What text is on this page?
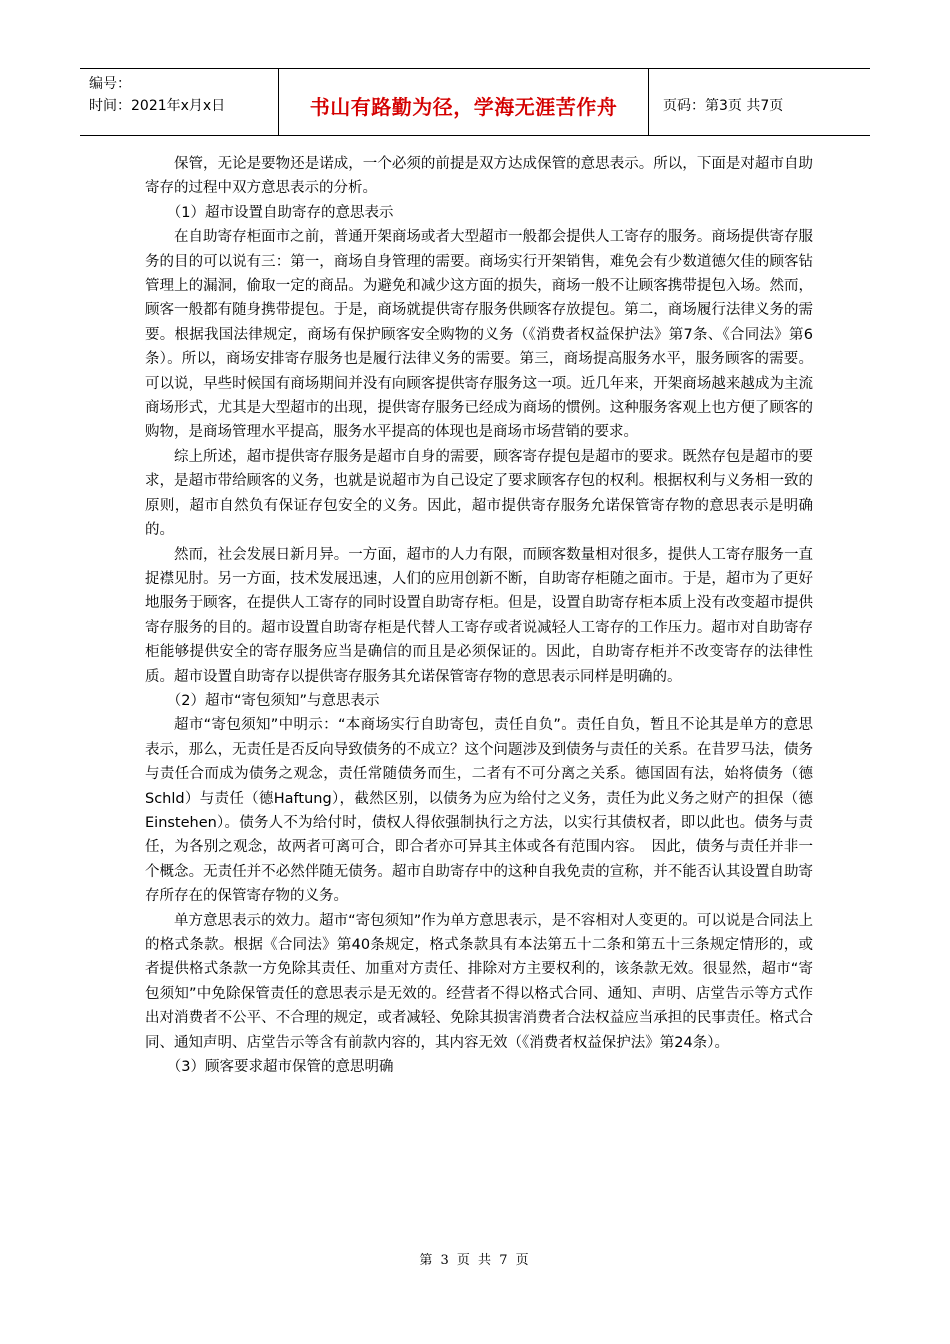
编号：
时间：2021年x月x日	书山有路勤为径，学海无涯苦作舟	页码：第3页 共7页

保管，无论是要物还是诺成，一个必须的前提是双方达成保管的意思表示。所以，下面是对超市自助寄存的过程中双方意思表示的分析。

（1）超市设置自助寄存的意思表示

在自助寄存柜面市之前，普通开架商场或者大型超市一般都会提供人工寄存的服务。商场提供寄存服务的目的可以说有三：第一，商场自身管理的需要。商场实行开架销售，难免会有少数道德欠佳的顾客钻管理上的漏洞，偷取一定的商品。为避免和减少这方面的损失，商场一般不让顾客携带提包入场。然而，顾客一般都有随身携带提包。于是，商场就提供寄存服务供顾客存放提包。第二，商场履行法律义务的需要。根据我国法律规定，商场有保护顾客安全购物的义务（《消费者权益保护法》第7条、《合同法》第6条）。所以，商场安排寄存服务也是履行法律义务的需要。第三，商场提高服务水平，服务顾客的需要。可以说，早些时候国有商场期间并没有向顾客提供寄存服务这一项。近几年来，开架商场越来越成为主流商场形式，尤其是大型超市的出现，提供寄存服务已经成为商场的惯例。这种服务客观上也方便了顾客的购物，是商场管理水平提高，服务水平提高的体现也是商场市场营销的要求。

综上所述，超市提供寄存服务是超市自身的需要，顾客寄存提包是超市的要求。既然存包是超市的要求，是超市带给顾客的义务，也就是说超市为自己设定了要求顾客存包的权利。根据权利与义务相一致的原则，超市自然负有保证存包安全的义务。因此，超市提供寄存服务允诺保管寄存物的意思表示是明确的。

然而，社会发展日新月异。一方面，超市的人力有限，而顾客数量相对很多，提供人工寄存服务一直捉襟见肘。另一方面，技术发展迅速，人们的应用创新不断，自助寄存柜随之面市。于是，超市为了更好地服务于顾客，在提供人工寄存的同时设置自助寄存柜。但是，设置自助寄存柜本质上没有改变超市提供寄存服务的目的。超市设置自助寄存柜是代替人工寄存或者说减轻人工寄存的工作压力。超市对自助寄存柜能够提供安全的寄存服务应当是确信的而且是必须保证的。因此，自助寄存柜并不改变寄存的法律性质。超市设置自助寄存以提供寄存服务其允诺保管寄存物的意思表示同样是明确的。

（2）超市“寄包须知”与意思表示

超市“寄包须知”中明示：“本商场实行自助寄包，责任自负”。责任自负，暂且不论其是单方的意思表示，那么，无责任是否反向导致债务的不成立？这个问题涉及到债务与责任的关系。在昔罗马法，债务与责任合而成为债务之观念，责任常随债务而生，二者有不可分离之关系。德国固有法，始将债务（德Schld）与责任（德Haftung），截然区别，以债务为应为给付之义务，责任为此义务之财产的担保（德Einstehen）。债务人不为给付时，债权人得依强制执行之方法，以实行其债权者，即以此也。债务与责任，为各别之观念，故两者可离可合，即合者亦可异其主体或各有范围内容。　因此，债务与责任并非一个概念。无责任并不必然伴随无债务。超市自助寄存中的这种自我免责的宣称，并不能否认其设置自助寄存所存在的保管寄存物的义务。

单方意思表示的效力。超市“寄包须知”作为单方意思表示，是不容相对人变更的。可以说是合同法上的格式条款。根据《合同法》第40条规定，格式条款具有本法第五十二条和第五十三条规定情形的，或者提供格式条款一方免除其责任、加重对方责任、排除对方主要权利的，该条款无效。很显然，超市“寄包须知”中免除保管责任的意思表示是无效的。经营者不得以格式合同、通知、声明、店堂告示等方式作出对消费者不公平、不合理的规定，或者减轻、免除其损害消费者合法权益应当承担的民事责任。格式合同、通知声明、店堂告示等含有前款内容的，其内容无效（《消费者权益保护法》第24条）。

（3）顾客要求超市保管的意思明确

第 3 页 共 7 页
